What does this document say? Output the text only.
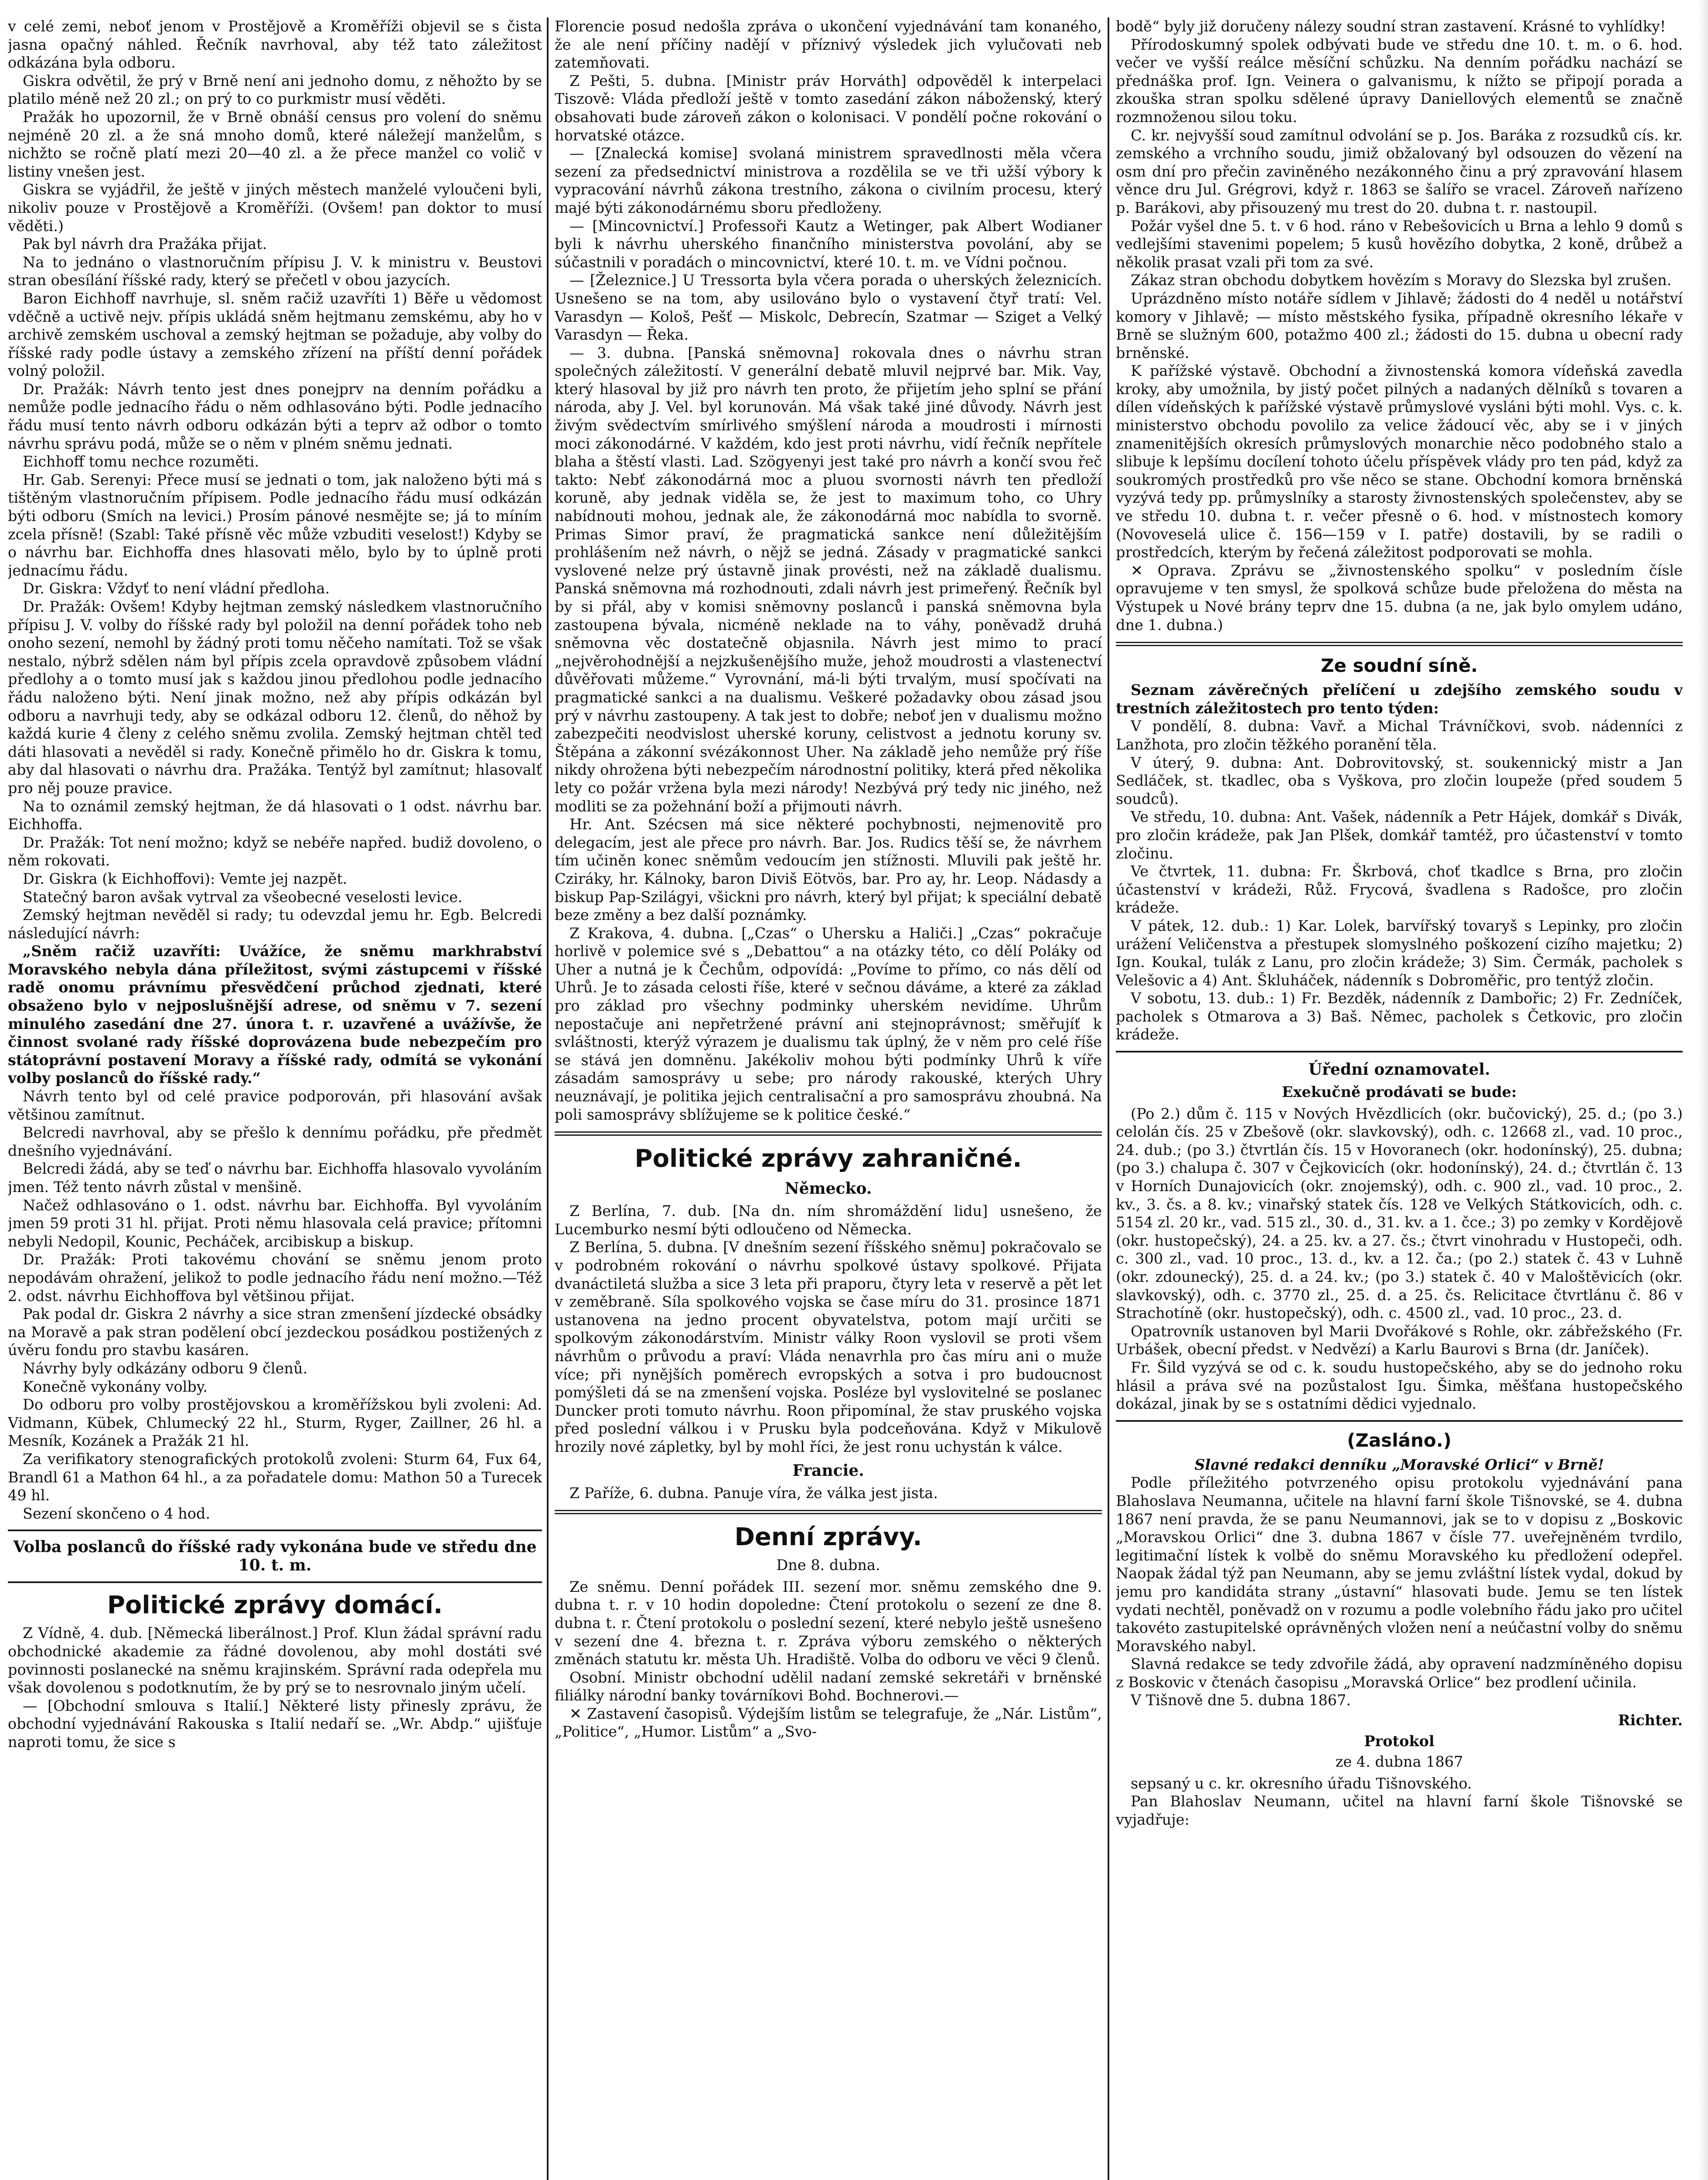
v celé zemi, neboť jenom v Prostějově a Kroměříži objevil se s čista jasna opačný náhled. Řečník navrhoval, aby též tato záležitost odkázána byla odboru.

Giskra odvětil, že prý v Brně není ani jednoho domu, z něhožto by se platilo méně než 20 zl.; on prý to co purkmistr musí věděti.

Pražák ho upozornil, že v Brně obnáší census pro volení do sněmu nejméně 20 zl. a že sná mnoho domů, které náležejí manželům, s nichžto se ročně platí mezi 20—40 zl. a že přece manžel co volič v listiny vnešen jest.

Giskra se vyjádřil, že ještě v jiných městech manželé vyloučeni byli, nikoliv pouze v Prostějově a Kroměříži. (Ovšem! pan doktor to musí věděti.)

Pak byl návrh dra Pražáka přijat.

Na to jednáno o vlastnoručním přípisu J. V. k ministru v. Beustovi stran obesílání říšské rady, který se přečetl v obou jazycích.

Baron Eichhoff navrhuje, sl. sněm račiž uzavříti 1) Běře u vědomost vděčně a uctivě nejv. přípis ukládá sněm hejtmanu zemskému, aby ho v archivě zemském uschoval a zemský hejtman se požaduje, aby volby do říšské rady podle ústavy a zemského zřízení na příští denní pořádek volný položil.

Dr. Pražák: Návrh tento jest dnes ponejprv na denním pořádku a nemůže podle jednacího řádu o něm odhlasováno býti. Podle jednacího řádu musí tento návrh odboru odkázán býti a teprv až odbor o tomto návrhu správu podá, může se o něm v plném sněmu jednati.

Eichhoff tomu nechce rozuměti.

Hr. Gab. Serenyi: Přece musí se jednati o tom, jak naloženo býti má s tištěným vlastnoručním přípisem. Podle jednacího řádu musí odkázán býti odboru (Smích na levici.) Prosím pánové nesmějte se; já to míním zcela přísně! (Szabl: Také přísně věc může vzbuditi veselost!) Kdyby se o návrhu bar. Eichhoffa dnes hlasovati mělo, bylo by to úplně proti jednacímu řádu.

Dr. Giskra: Vždyť to není vládní předloha.

Dr. Pražák: Ovšem! Kdyby hejtman zemský následkem vlastnoručního přípisu J. V. volby do říšské rady byl položil na denní pořádek toho neb onoho sezení, nemohl by žádný proti tomu něčeho namítati. Tož se však nestalo, nýbrž sdělen nám byl přípis zcela opravdově způsobem vládní předlohy a o tomto musí jak s každou jinou předlohou podle jednacího řádu naloženo býti. Není jinak možno, než aby přípis odkázán byl odboru a navrhuji tedy, aby se odkázal odboru 12. členů, do něhož by každá kurie 4 členy z celého sněmu zvolila. Zemský hejtman chtěl teď dáti hlasovati a nevěděl si rady. Konečně přimělo ho dr. Giskra k tomu, aby dal hlasovati o návrhu dra. Pražáka. Tentýž byl zamítnut; hlasovalť pro něj pouze pravice.

Na to oznámil zemský hejtman, že dá hlasovati o 1 odst. návrhu bar. Eichhoffa.

Dr. Pražák: Tot není možno; když se nebéře napřed. budiž dovoleno, o něm rokovati.

Dr. Giskra (k Eichhoffovi): Vemte jej nazpět.

Statečný baron avšak vytrval za všeobecné veselosti levice.

Zemský hejtman nevěděl si rady; tu odevzdal jemu hr. Egb. Belcredi následující návrh:

„Sněm račiž uzavříti: Uvážíce, že sněmu markhrabství Moravského nebyla dána příležitost, svými zástupcemi v říšské radě onomu právnímu přesvědčení průchod zjednati, které obsaženo bylo v nejposlušnější adrese, od sněmu v 7. sezení minulého zasedání dne 27. února t. r. uzavřené a uvážívše, že činnost svolané rady říšské doprovázena bude nebezpečím pro státoprávní postavení Moravy a říšské rady, odmítá se vykonání volby poslanců do říšské rady.“

Návrh tento byl od celé pravice podporován, při hlasování avšak většinou zamítnut.

Belcredi navrhoval, aby se přešlo k dennímu pořádku, pře předmět dnešního vyjednávání.

Belcredi žádá, aby se teď o návrhu bar. Eichhoffa hlasovalo vyvoláním jmen. Též tento návrh zůstal v menšině.

Načež odhlasováno o 1. odst. návrhu bar. Eichhoffa. Byl vyvoláním jmen 59 proti 31 hl. přijat. Proti němu hlasovala celá pravice; přítomni nebyli Nedopil, Kounic, Pecháček, arcibiskup a biskup.

Dr. Pražák: Proti takovému chování se sněmu jenom proto nepodávám ohražení, jelikož to podle jednacího řádu není možno.—Též 2. odst. návrhu Eichhoffova byl většinou přijat.

Pak podal dr. Giskra 2 návrhy a sice stran zmenšení jízdecké obsádky na Moravě a pak stran podělení obcí jezdeckou posádkou postižených z úvěru fondu pro stavbu kasáren.

Návrhy byly odkázány odboru 9 členů.

Konečně vykonány volby.

Do odboru pro volby prostějovskou a kroměřížskou byli zvoleni: Ad. Vidmann, Kübek, Chlumecký 22 hl., Sturm, Ryger, Zaillner, 26 hl. a Mesník, Kozánek a Pražák 21 hl.

Za verifikatory stenografických protokolů zvoleni: Sturm 64, Fux 64, Brandl 61 a Mathon 64 hl., a za pořadatele domu: Mathon 50 a Turecek 49 hl.

Sezení skončeno o 4 hod.

Volba poslanců do říšské rady vykonána bude ve středu dne 10. t. m.

Politické zprávy domácí.

Z Vídně, 4. dub. [Německá liberálnost.] Prof. Klun žádal správní radu obchodnické akademie za řádné dovolenou, aby mohl dostáti své povinnosti poslanecké na sněmu krajinském. Správní rada odepřela mu však dovolenou s podotknutím, že by prý se to nesrovnalo jiným učelí.

— [Obchodní smlouva s Italií.] Některé listy přinesly zprávu, že obchodní vyjednávání Rakouska s Italií nedaří se. „Wr. Abdp.“ ujišťuje naproti tomu, že sice s

Florencie posud nedošla zpráva o ukončení vyjednávání tam konaného, že ale není příčiny nadějí v příznivý výsledek jich vylučovati neb zatemňovati.

Z Pešti, 5. dubna. [Ministr práv Horváth] odpověděl k interpelaci Tiszově: Vláda předloží ještě v tomto zasedání zákon náboženský, který obsahovati bude zároveň zákon o kolonisaci. V pondělí počne rokování o horvatské otázce.

— [Znalecká komise] svolaná ministrem spravedlnosti měla včera sezení za předsednictví ministrova a rozdělila se ve tři užší výbory k vypracování návrhů zákona trestního, zákona o civilním procesu, který majé býti zákonodárnému sboru předloženy.

— [Mincovnictví.] Professoři Kautz a Wetinger, pak Albert Wodianer byli k návrhu uherského finančního ministerstva povolání, aby se súčastnili v poradách o mincovnictví, které 10. t. m. ve Vídni počnou.

— [Železnice.] U Tressorta byla včera porada o uherských železnicích. Usnešeno se na tom, aby usilováno bylo o vystavení čtyř tratí: Vel. Varasdyn — Kološ, Pešť — Miskolc, Debrecín, Szatmar — Sziget a Velký Varasdyn — Řeka.

— 3. dubna. [Panská sněmovna] rokovala dnes o návrhu stran společných záležitostí. V generální debatě mluvil nejprvé bar. Mik. Vay, který hlasoval by již pro návrh ten proto, že přijetím jeho splní se přání národa, aby J. Vel. byl korunován. Má však také jiné důvody. Návrh jest živým svědectvím smírlivého smýšlení národa a moudrosti i mírnosti moci zákonodárné. V každém, kdo jest proti návrhu, vidí řečník nepřítele blaha a štěstí vlasti. Lad. Szögyenyi jest také pro návrh a končí svou řeč takto: Nebť zákonodárná moc a pluou svornosti návrh ten předloží koruně, aby jednak viděla se, že jest to maximum toho, co Uhry nabídnouti mohou, jednak ale, že zákonodárná moc nabídla to svorně. Primas Simor praví, že pragmatická sankce není důležitějším prohlášením než návrh, o nějž se jedná. Zásady v pragmatické sankci vyslovené nelze prý ústavně jinak provésti, než na základě dualismu. Panská sněmovna má rozhodnouti, zdali návrh jest primeřený. Řečník byl by si přál, aby v komisi sněmovny poslanců i panská sněmovna byla zastoupena bývala, nicméně neklade na to váhy, poněvadž druhá sněmovna věc dostatečně objasnila. Návrh jest mimo to prací „nejvěrohodnější a nejzkušenějšího muže, jehož moudrosti a vlastenectví důvěřovati můžeme.“ Vyrovnání, má-li býti trvalým, musí spočívati na pragmatické sankci a na dualismu. Veškeré požadavky obou zásad jsou prý v návrhu zastoupeny. A tak jest to dobře; neboť jen v dualismu možno zabezpečiti neodvislost uherské koruny, celistvost a jednotu koruny sv. Štěpána a zákonní svézákonnost Uher. Na základě jeho nemůže prý říše nikdy ohrožena býti nebezpečím národnostní politiky, která před několika lety co požár vržena byla mezi národy! Nezbývá prý tedy nic jiného, než modliti se za požehnání boží a přijmouti návrh.

Hr. Ant. Szécsen má sice některé pochybnosti, nejmenovitě pro delegacím, jest ale přece pro návrh. Bar. Jos. Rudics těší se, že návrhem tím učiněn konec sněmům vedoucím jen stížnosti. Mluvili pak ještě hr. Cziráky, hr. Kálnoky, baron Diviš Eötvös, bar. Pro ay, hr. Leop. Nádasdy a biskup Pap-Szilágyi, všickni pro návrh, který byl přijat; k speciální debatě beze změny a bez další poznámky.

Z Krakova, 4. dubna. [„Czas“ o Uhersku a Haliči.] „Czas“ pokračuje horlivě v polemice své s „Debattou“ a na otázky této, co dělí Poláky od Uher a nutná je k Čechům, odpovídá: „Povíme to přímo, co nás dělí od Uhrů. Je to zásada celosti říše, které v sečnou dáváme, a které za základ pro základ pro všechny podminky uherském nevidíme. Uhrům nepostačuje ani nepřetržené právní ani stejnoprávnost; směřujíť k svláštnosti, kterýž výrazem je dualismu tak úplný, že v něm pro celé říše se stává jen domněnu. Jakékoliv mohou býti podmínky Uhrů k víře zásadám samosprávy u sebe; pro národy rakouské, kterých Uhry neuznávají, je politika jejich centralisační a pro samosprávu zhoubná. Na poli samosprávy sblížujeme se k politice české.“

Politické zprávy zahraničné.
Německo.

Z Berlína, 7. dub. [Na dn. ním shromáždění lidu] usnešeno, že Lucemburko nesmí býti odloučeno od Německa.

Z Berlína, 5. dubna. [V dnešním sezení říšského sněmu] pokračovalo se v podrobném rokování o návrhu spolkové ústavy spolkové. Přijata dvanáctiletá služba a sice 3 leta při praporu, čtyry leta v reservě a pět let v zeměbraně. Síla spolkového vojska se čase míru do 31. prosince 1871 ustanovena na jedno procent obyvatelstva, potom mají určiti se spolkovým zákonodárstvím. Ministr války Roon vyslovil se proti všem návrhům o průvodu a praví: Vláda nenavrhla pro čas míru ani o muže více; při nynějších poměrech evropských a sotva i pro budoucnost pomýšleti dá se na zmenšení vojska. Posléze byl vyslovitelné se poslanec Duncker proti tomuto návrhu. Roon připomínal, že stav pruského vojska před poslední válkou i v Prusku byla podceňována. Když v Mikulově hrozily nové zápletky, byl by mohl říci, že jest ronu uchystán k válce.

Francie.

Z Paříže, 6. dubna. Panuje víra, že válka jest jista.

Denní zprávy.
Dne 8. dubna.

Ze sněmu. Denní pořádek III. sezení mor. sněmu zemského dne 9. dubna t. r. v 10 hodin dopoledne: Čtení protokolu o sezení ze dne 8. dubna t. r. Čtení protokolu o poslední sezení, které nebylo ještě usnešeno v sezení dne 4. března t. r. Zpráva výboru zemského o některých změnách statutu kr. města Uh. Hradiště. Volba do odboru ve věci 9 členů.

Osobní. Ministr obchodní udělil nadaní zemské sekretáři v brněnské filiálky národní banky továrníkovi Bohd. Bochnerovi.—

✕ Zastavení časopisů. Výdejším listům se telegrafuje, že „Nár. Listům“, „Politice“, „Humor. Listům“ a „Svo-

bodě“ byly již doručeny nálezy soudní stran zastavení. Krásné to vyhlídky!

Přírodoskumný spolek odbývati bude ve středu dne 10. t. m. o 6. hod. večer ve vyšší reálce měsíční schůzku. Na denním pořádku nachází se přednáška prof. Ign. Veinera o galvanismu, k nížto se připojí porada a zkouška stran spolku sdělené úpravy Daniellových elementů se značně rozmnoženou silou toku.

C. kr. nejvyšší soud zamítnul odvolání se p. Jos. Baráka z rozsudků cís. kr. zemského a vrchního soudu, jimiž obžalovaný byl odsouzen do vězení na osm dní pro přečin zaviněného nezákonného činu a prý zpravování hlasem věnce dru Jul. Grégrovi, když r. 1863 se šalířo se vracel. Zároveň nařízeno p. Barákovi, aby přisouzený mu trest do 20. dubna t. r. nastoupil.

Požár vyšel dne 5. t. v 6 hod. ráno v Rebešovicích u Brna a lehlo 9 domů s vedlejšími stavenimi popelem; 5 kusů hovězího dobytka, 2 koně, drůbež a několik prasat vzali při tom za své.

Zákaz stran obchodu dobytkem hovězím s Moravy do Slezska byl zrušen.

Uprázdněno místo notáře sídlem v Jihlavě; žádosti do 4 neděl u notářství komory v Jihlavě; — místo městského fysika, případně okresního lékaře v Brně se služným 600, potažmo 400 zl.; žádosti do 15. dubna u obecní rady brněnské.

K pařížské výstavě. Obchodní a živnostenská komora vídeňská zavedla kroky, aby umožnila, by jistý počet pilných a nadaných dělníků s tovaren a dílen vídeňských k pařížské výstavě průmyslové vysláni býti mohl. Vys. c. k. ministerstvo obchodu povolilo za velice žádoucí věc, aby se i v jiných znamenitějších okresích průmyslových monarchie něco podobného stalo a slibuje k lepšímu docílení tohoto účelu příspěvek vlády pro ten pád, když za soukromých prostředků pro vše něco se stane. Obchodní komora brněnská vyzývá tedy pp. průmyslníky a starosty živnostenských společenstev, aby se ve středu 10. dubna t. r. večer přesně o 6. hod. v místnostech komory (Novoveselá ulice č. 156—159 v I. patře) dostavili, by se radili o prostředcích, kterým by řečená záležitost podporovati se mohla.

✕ Oprava. Zprávu se „živnostenského spolku“ v posledním čísle opravujeme v ten smysl, že spolková schůze bude přeložena do města na Výstupek u Nové brány teprv dne 15. dubna (a ne, jak bylo omylem udáno, dne 1. dubna.)

Ze soudní síně.

Seznam závěrečných přelíčení u zdejšího zemského soudu v trestních záležitostech pro tento týden:

V pondělí, 8. dubna: Vavř. a Michal Trávníčkovi, svob. nádenníci z Lanžhota, pro zločin těžkého poranění těla.

V úterý, 9. dubna: Ant. Dobrovitovský, st. soukennický mistr a Jan Sedláček, st. tkadlec, oba s Vyškova, pro zločin loupeže (před soudem 5 soudců).

Ve středu, 10. dubna: Ant. Vašek, nádenník a Petr Hájek, domkář s Divák, pro zločin krádeže, pak Jan Plšek, domkář tamtéž, pro účastenství v tomto zločinu.

Ve čtvrtek, 11. dubna: Fr. Škrbová, choť tkadlce s Brna, pro zločin účastenství v krádeži, Růž. Frycová, švadlena s Radošce, pro zločin krádeže.

V pátek, 12. dub.: 1) Kar. Lolek, barvířský tovaryš s Lepinky, pro zločin urážení Veličenstva a přestupek slomyslného poškození cizího majetku; 2) Ign. Koukal, tulák z Lanu, pro zločin krádeže; 3) Sim. Čermák, pacholek s Velešovic a 4) Ant. Škluháček, nádenník s Dobroměřic, pro tentýž zločin.

V sobotu, 13. dub.: 1) Fr. Bezděk, nádenník z Dambořic; 2) Fr. Zedníček, pacholek s Otmarova a 3) Baš. Němec, pacholek s Četkovic, pro zločin krádeže.

Úřední oznamovatel.
Exekučně prodávati se bude:

(Po 2.) dům č. 115 v Nových Hvězdlicích (okr. bučovický), 25. d.; (po 3.) celolán čís. 25 v Zbešově (okr. slavkovský), odh. c. 12668 zl., vad. 10 proc., 24. dub.; (po 3.) čtvrtlán čís. 15 v Hovoranech (okr. hodonínský), 25. dubna; (po 3.) chalupa č. 307 v Čejkovicích (okr. hodonínský), 24. d.; čtvrtlán č. 13 v Horních Dunajovicích (okr. znojemský), odh. c. 900 zl., vad. 10 proc., 2. kv., 3. čs. a 8. kv.; vinařský statek čís. 128 ve Velkých Státkovicích, odh. c. 5154 zl. 20 kr., vad. 515 zl., 30. d., 31. kv. a 1. čce.; 3) po zemky v Kordějově (okr. hustopečský), 24. a 25. kv. a 27. čs.; čtvrt vinohradu v Hustopeči, odh. c. 300 zl., vad. 10 proc., 13. d., kv. a 12. ča.; (po 2.) statek č. 43 v Luhně (okr. zdounecký), 25. d. a 24. kv.; (po 3.) statek č. 40 v Maloštěvicích (okr. slavkovský), odh. c. 3770 zl., 25. d. a 25. čs. Relicitace čtvrtlánu č. 86 v Strachotíně (okr. hustopečský), odh. c. 4500 zl., vad. 10 proc., 23. d.

Opatrovník ustanoven byl Marii Dvořákové s Rohle, okr. zábřežského (Fr. Urbášek, obecní předst. v Nedvězí) a Karlu Baurovi s Brna (dr. Janíček).

Fr. Šild vyzývá se od c. k. soudu hustopečského, aby se do jednoho roku hlásil a práva své na pozůstalost Igu. Šimka, měšťana hustopečského dokázal, jinak by se s ostatními dědici vyjednalo.

(Zasláno.)
Slavné redakci denníku „Moravské Orlici“ v Brně!

Podle příležitého potvrzeného opisu protokolu vyjednávání pana Blahoslava Neumanna, učitele na hlavní farní škole Tišnovské, se 4. dubna 1867 není pravda, že se panu Neumannovi, jak se to v dopisu z „Boskovic „Moravskou Orlici“ dne 3. dubna 1867 v čísle 77. uveřejněném tvrdilo, legitimační lístek k volbě do sněmu Moravského ku předložení odepřel. Naopak žádal týž pan Neumann, aby se jemu zvláštní lístek vydal, dokud by jemu pro kandidáta strany „ústavní“ hlasovati bude. Jemu se ten lístek vydati nechtěl, poněvadž on v rozumu a podle volebního řádu jako pro učitel takovéto zastupitelské oprávněných vložen není a neúčastní volby do sněmu Moravského nabyl.

Slavná redakce se tedy zdvořile žádá, aby opravení nadzmíněného dopisu z Boskovic v čtenách časopisu „Moravská Orlice“ bez prodlení učinila.

V Tišnově dne 5. dubna 1867.

Richter.
Protokol
ze 4. dubna 1867

sepsaný u c. kr. okresního úřadu Tišnovského.

Pan Blahoslav Neumann, učitel na hlavní farní škole Tišnovské se vyjadřuje:
